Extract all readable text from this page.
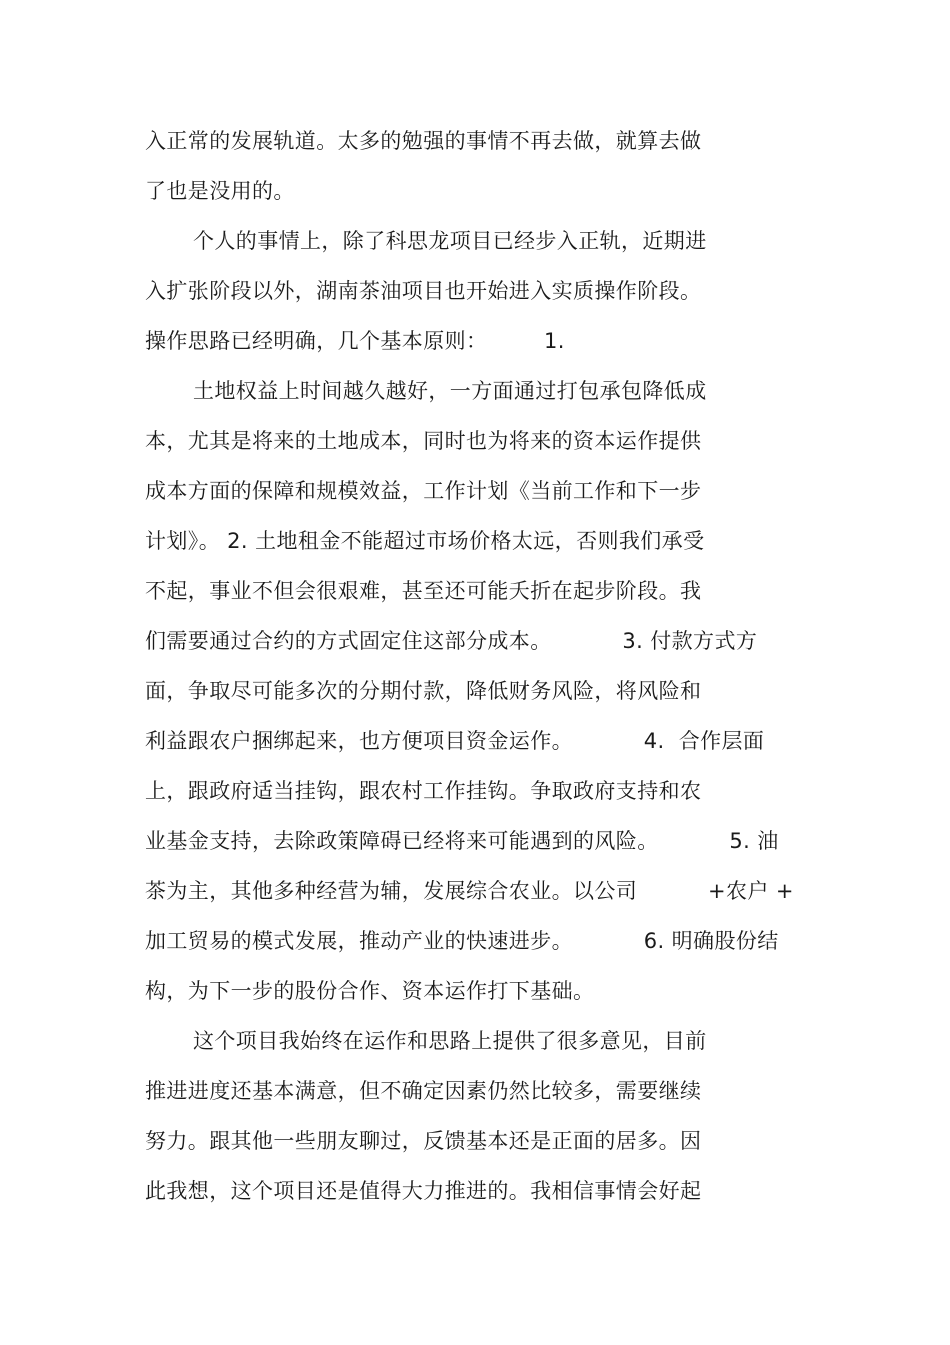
入正常的发展轨道。太多的勉强的事情不再去做，就算去做
了也是没用的。
个人的事情上，除了科思龙项目已经步入正轨，近期进
入扩张阶段以外，湖南茶油项目也开始进入实质操作阶段。
操作思路已经明确，几个基本原则：        1.
土地权益上时间越久越好，一方面通过打包承包降低成
本，尤其是将来的土地成本，同时也为将来的资本运作提供
成本方面的保障和规模效益，工作计划《当前工作和下一步
计划》。 2. 土地租金不能超过市场价格太远，否则我们承受
不起，事业不但会很艰难，甚至还可能夭折在起步阶段。我
们需要通过合约的方式固定住这部分成本。          3. 付款方式方
面，争取尽可能多次的分期付款，降低财务风险，将风险和
利益跟农户捆绑起来，也方便项目资金运作。          4.  合作层面
上，跟政府适当挂钩，跟农村工作挂钩。争取政府支持和农
业基金支持，去除政策障碍已经将来可能遇到的风险。          5. 油
茶为主，其他多种经营为辅，发展综合农业。以公司          +农户 +
加工贸易的模式发展，推动产业的快速进步。          6. 明确股份结
构，为下一步的股份合作、资本运作打下基础。
这个项目我始终在运作和思路上提供了很多意见，目前
推进进度还基本满意，但不确定因素仍然比较多，需要继续
努力。跟其他一些朋友聊过，反馈基本还是正面的居多。因
此我想，这个项目还是值得大力推进的。我相信事情会好起
